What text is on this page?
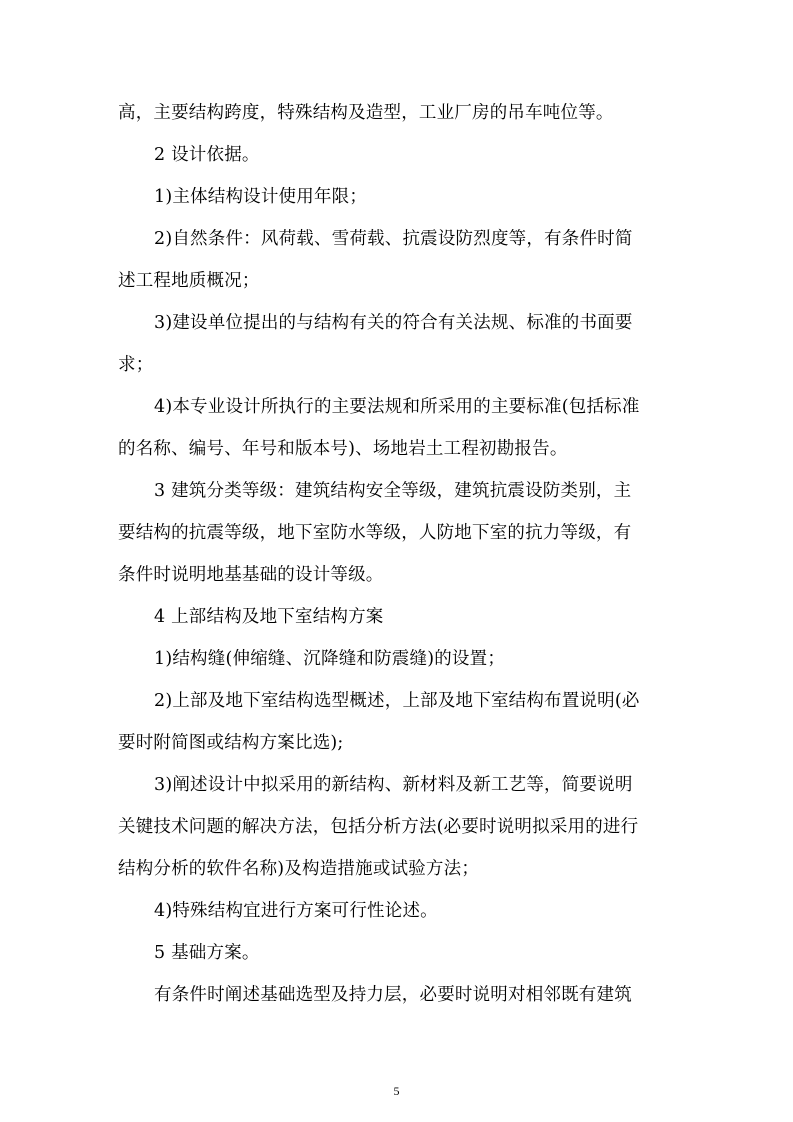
高，主要结构跨度，特殊结构及造型，工业厂房的吊车吨位等。

2 设计依据。

1)主体结构设计使用年限；

2)自然条件：风荷载、雪荷载、抗震设防烈度等，有条件时简

述工程地质概况；

3)建设单位提出的与结构有关的符合有关法规、标准的书面要

求；

4)本专业设计所执行的主要法规和所采用的主要标准(包括标准

的名称、编号、年号和版本号)、场地岩土工程初勘报告。

3 建筑分类等级：建筑结构安全等级，建筑抗震设防类别，主

要结构的抗震等级，地下室防水等级，人防地下室的抗力等级，有

条件时说明地基基础的设计等级。

4 上部结构及地下室结构方案

1)结构缝(伸缩缝、沉降缝和防震缝)的设置；

2)上部及地下室结构选型概述，上部及地下室结构布置说明(必

要时附简图或结构方案比选);

3)阐述设计中拟采用的新结构、新材料及新工艺等，简要说明

关键技术问题的解决方法，包括分析方法(必要时说明拟采用的进行

结构分析的软件名称)及构造措施或试验方法；

4)特殊结构宜进行方案可行性论述。

5 基础方案。

有条件时阐述基础选型及持力层，必要时说明对相邻既有建筑

5
